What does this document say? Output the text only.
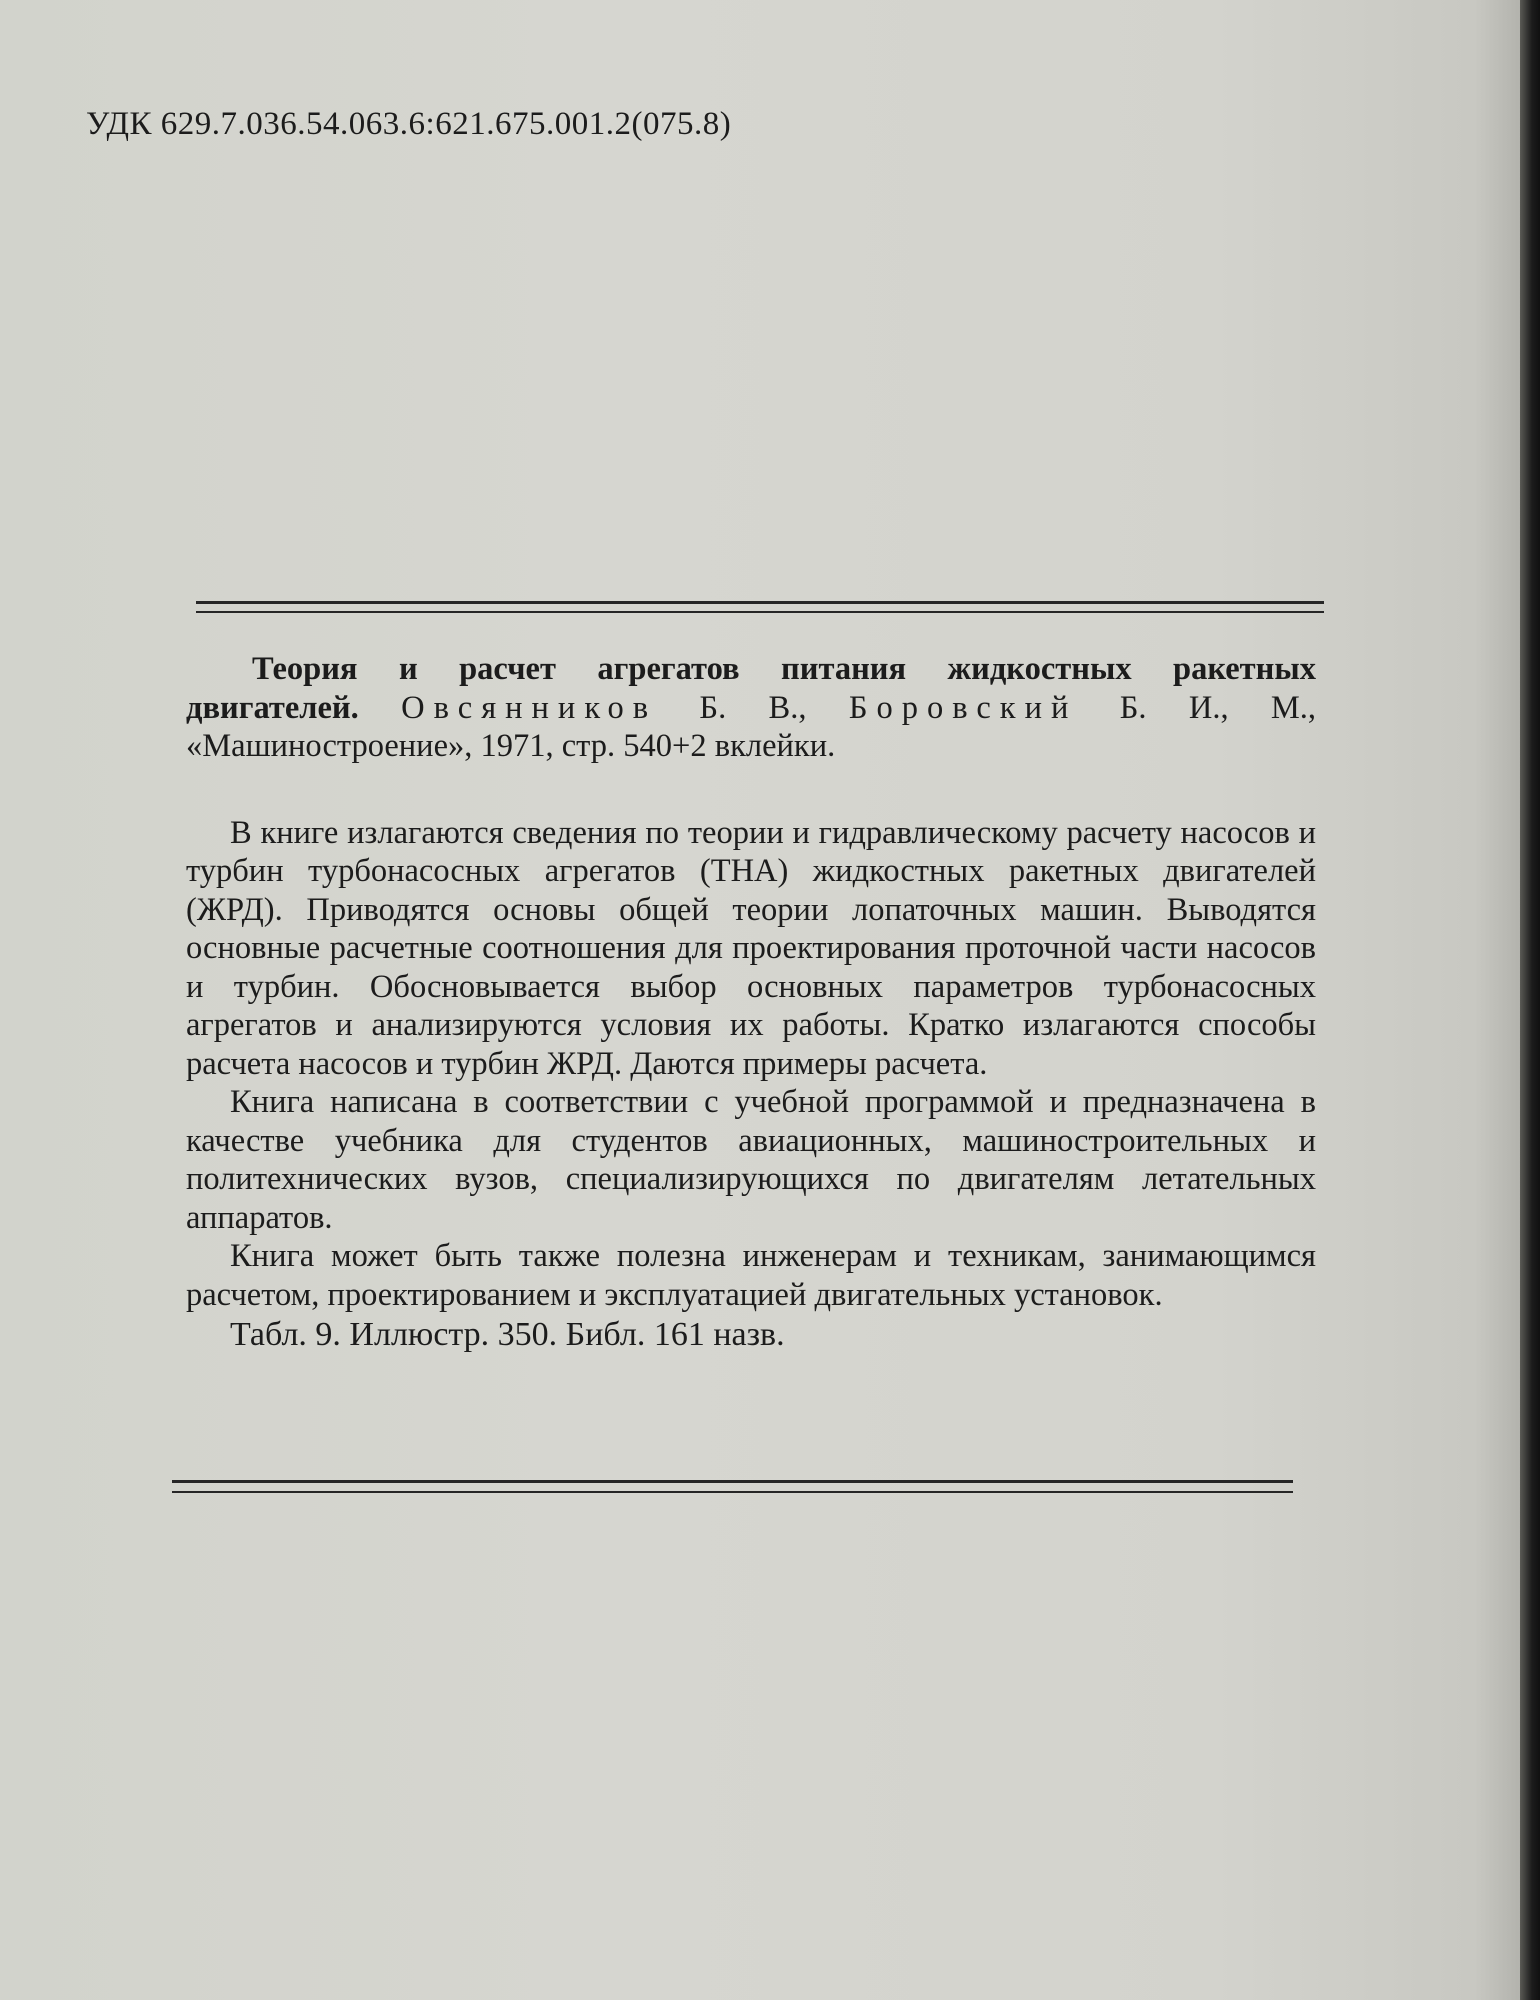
УДК 629.7.036.54.063.6:621.675.001.2(075.8)
Теория и расчет агрегатов питания жидкостных ракетных
двигателей. Овсянников Б. В., Боровский Б. И., М.,
«Машиностроение», 1971, стр. 540+2 вклейки.

В книге излагаются сведения по теории и гидравлическому расчету насосов и турбин турбонасосных агрегатов (ТНА) жидкостных ракетных двигателей (ЖРД). Приводятся основы общей теории лопаточных машин. Выводятся основные расчетные соотношения для проектирования проточной части насосов и турбин. Обосновывается выбор основных параметров турбонасосных агрегатов и анализируются условия их работы. Кратко излагаются способы расчета насосов и турбин ЖРД. Даются примеры расчета.

Книга написана в соответствии с учебной программой и предназначена в качестве учебника для студентов авиационных, машиностроительных и политехнических вузов, специализирующихся по двигателям летательных аппаратов.

Книга может быть также полезна инженерам и техникам, занимающимся расчетом, проектированием и эксплуатацией двигательных установок.

Табл. 9. Иллюстр. 350. Библ. 161 назв.
